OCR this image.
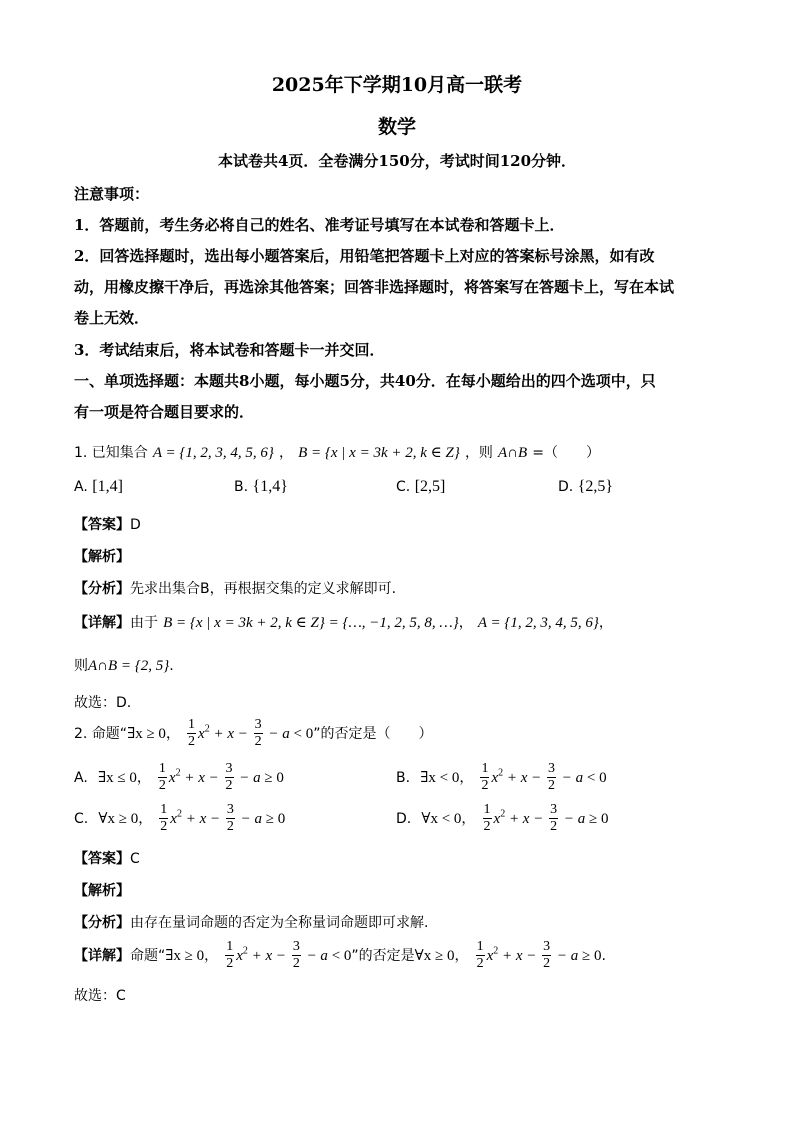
2025年下学期10月高一联考
数学
本试卷共4页．全卷满分150分，考试时间120分钟．
注意事项：
1．答题前，考生务必将自己的姓名、准考证号填写在本试卷和答题卡上．
2．回答选择题时，选出每小题答案后，用铅笔把答题卡上对应的答案标号涂黑，如有改
动，用橡皮擦干净后，再选涂其他答案；回答非选择题时，将答案写在答题卡上，写在本试
卷上无效．
3．考试结束后，将本试卷和答题卡一并交回．
一、单项选择题：本题共8小题，每小题5分，共40分．在每小题给出的四个选项中，只
有一项是符合题目要求的．
1. 已知集合 A = {1, 2, 3, 4, 5, 6} ， B = {x | x = 3k + 2, k ∈ Z} ，则 A∩B =（　　）
A. [1,4]	B. {1,4}	C. [2,5]	D. {2,5}
【答案】D
【解析】
【分析】先求出集合B，再根据交集的定义求解即可.
【详解】由于 B = {x | x = 3k + 2, k ∈ Z} = {…, −1, 2, 5, 8, …}， A = {1, 2, 3, 4, 5, 6}，
则A∩B = {2, 5}.
故选：D.
2. 命题“∃x ≥ 0， $\frac{1}{2} x^2 + x - \frac{3}{2} - a < 0$”的否定是（　　）
A. ∃x ≤ 0， $\frac{1}{2} x^2 + x - \frac{3}{2} - a \ge 0$	B. ∃x < 0， $\frac{1}{2} x^2 + x - \frac{3}{2} - a < 0$
C. ∀x ≥ 0， $\frac{1}{2} x^2 + x - \frac{3}{2} - a \ge 0$	D. ∀x < 0， $\frac{1}{2} x^2 + x - \frac{3}{2} - a \ge 0$
【答案】C
【解析】
【分析】由存在量词命题的否定为全称量词命题即可求解.
【详解】命题“∃x ≥ 0， $\frac{1}{2} x^2 + x - \frac{3}{2} - a < 0$”的否定是∀x ≥ 0， $\frac{1}{2} x^2 + x - \frac{3}{2} - a \ge 0$.
故选：C
